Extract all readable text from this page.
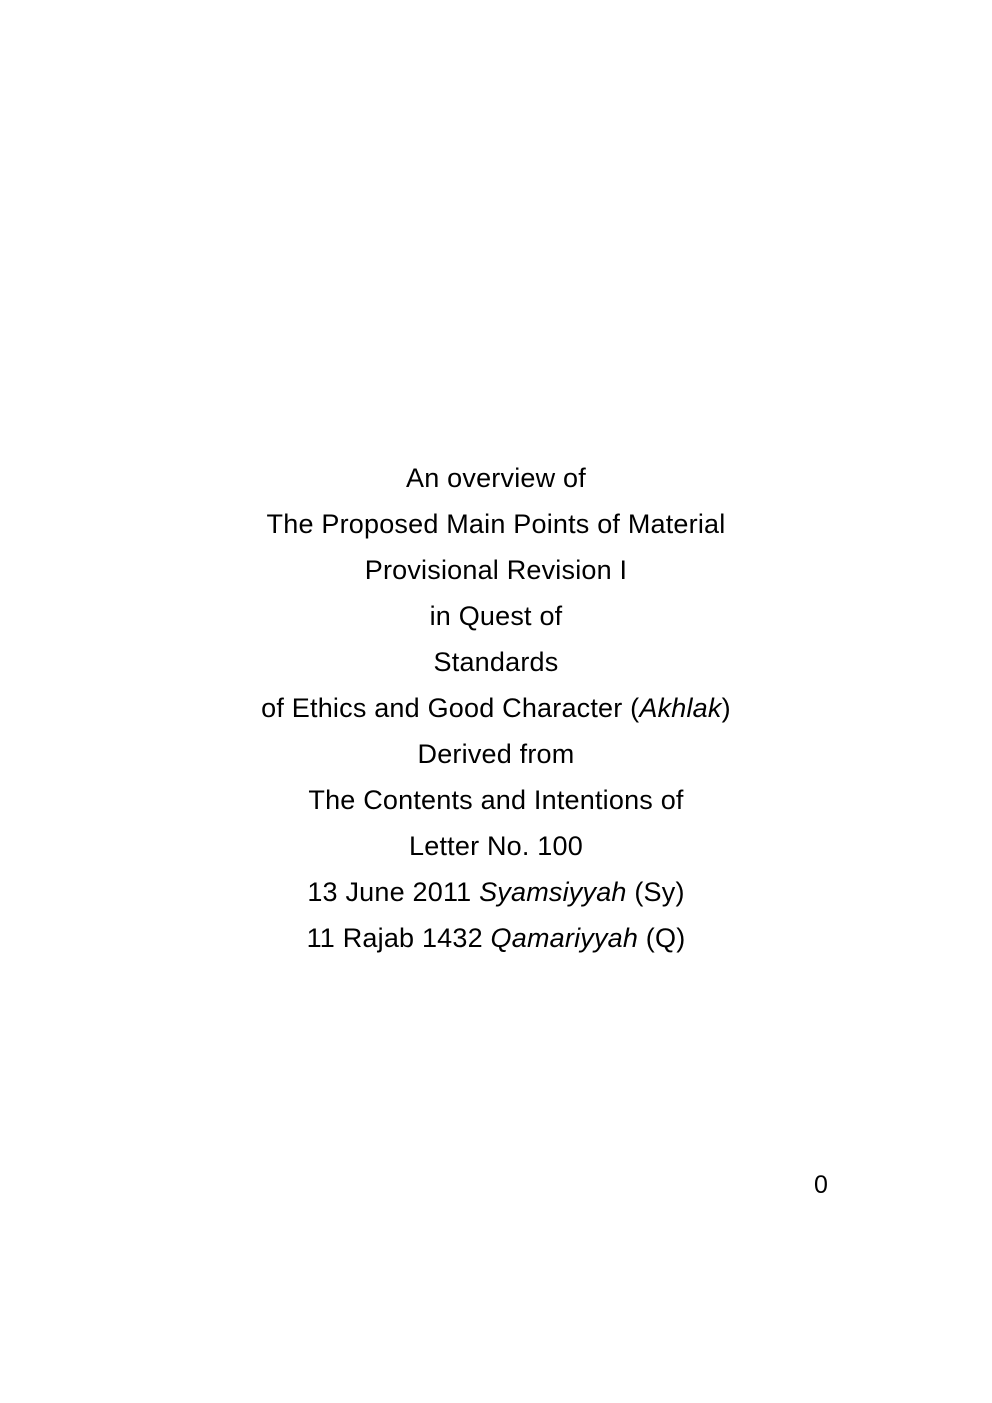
An overview of
The Proposed Main Points of Material
Provisional Revision I
in Quest of
Standards
of Ethics and Good Character (Akhlak)
Derived from
The Contents and Intentions of
Letter No. 100
13 June 2011 Syamsiyyah (Sy)
11 Rajab 1432 Qamariyyah (Q)
0
